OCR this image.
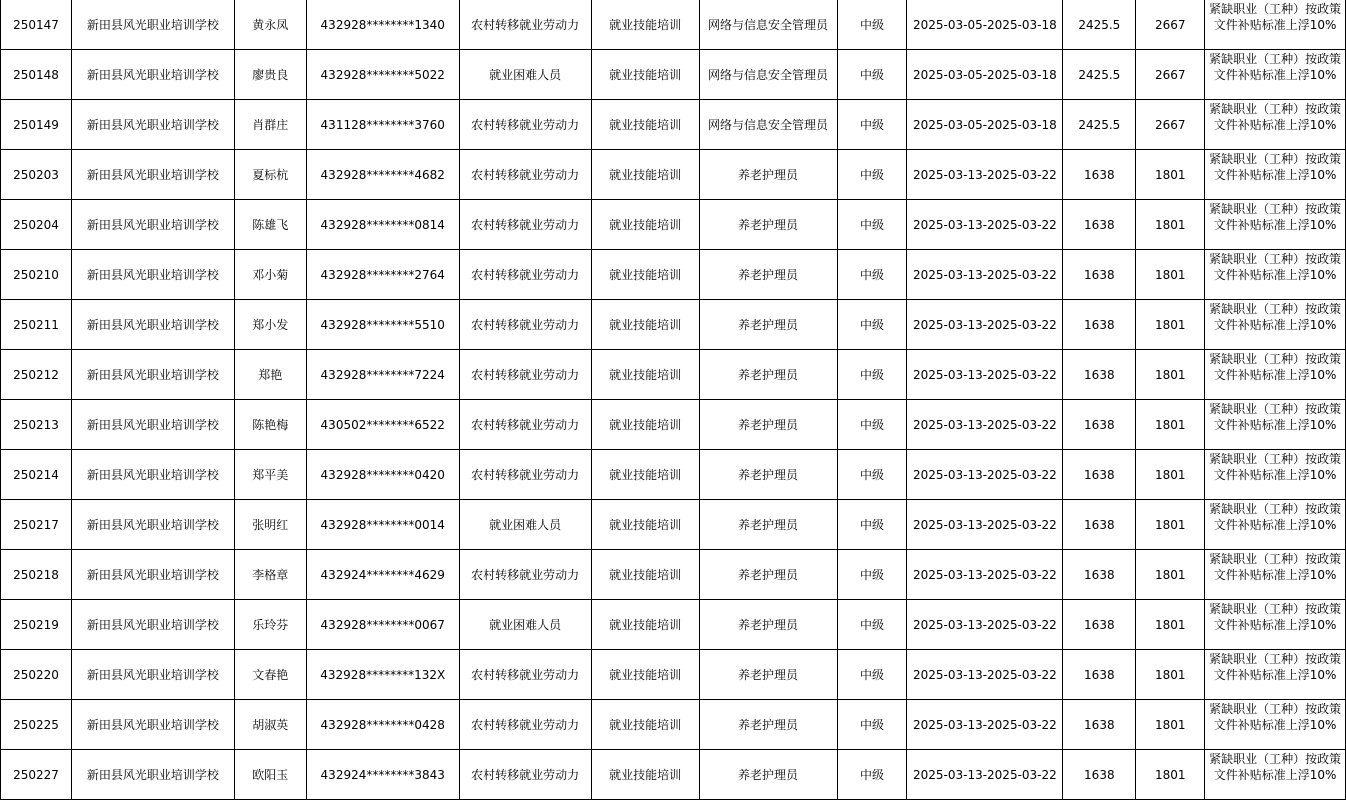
250147	新田县风光职业培训学校	黄永凤	432928********1340	农村转移就业劳动力	就业技能培训	网络与信息安全管理员	中级	2025-03-05-2025-03-18	2425.5	2667	紧缺职业（工种）按政策文件补贴标准上浮10%
250148	新田县风光职业培训学校	廖贵良	432928********5022	就业困难人员	就业技能培训	网络与信息安全管理员	中级	2025-03-05-2025-03-18	2425.5	2667	紧缺职业（工种）按政策文件补贴标准上浮10%
250149	新田县风光职业培训学校	肖群庄	431128********3760	农村转移就业劳动力	就业技能培训	网络与信息安全管理员	中级	2025-03-05-2025-03-18	2425.5	2667	紧缺职业（工种）按政策文件补贴标准上浮10%
250203	新田县风光职业培训学校	夏标杭	432928********4682	农村转移就业劳动力	就业技能培训	养老护理员	中级	2025-03-13-2025-03-22	1638	1801	紧缺职业（工种）按政策文件补贴标准上浮10%
250204	新田县风光职业培训学校	陈雄飞	432928********0814	农村转移就业劳动力	就业技能培训	养老护理员	中级	2025-03-13-2025-03-22	1638	1801	紧缺职业（工种）按政策文件补贴标准上浮10%
250210	新田县风光职业培训学校	邓小菊	432928********2764	农村转移就业劳动力	就业技能培训	养老护理员	中级	2025-03-13-2025-03-22	1638	1801	紧缺职业（工种）按政策文件补贴标准上浮10%
250211	新田县风光职业培训学校	郑小发	432928********5510	农村转移就业劳动力	就业技能培训	养老护理员	中级	2025-03-13-2025-03-22	1638	1801	紧缺职业（工种）按政策文件补贴标准上浮10%
250212	新田县风光职业培训学校	郑艳	432928********7224	农村转移就业劳动力	就业技能培训	养老护理员	中级	2025-03-13-2025-03-22	1638	1801	紧缺职业（工种）按政策文件补贴标准上浮10%
250213	新田县风光职业培训学校	陈艳梅	430502********6522	农村转移就业劳动力	就业技能培训	养老护理员	中级	2025-03-13-2025-03-22	1638	1801	紧缺职业（工种）按政策文件补贴标准上浮10%
250214	新田县风光职业培训学校	郑平美	432928********0420	农村转移就业劳动力	就业技能培训	养老护理员	中级	2025-03-13-2025-03-22	1638	1801	紧缺职业（工种）按政策文件补贴标准上浮10%
250217	新田县风光职业培训学校	张明红	432928********0014	就业困难人员	就业技能培训	养老护理员	中级	2025-03-13-2025-03-22	1638	1801	紧缺职业（工种）按政策文件补贴标准上浮10%
250218	新田县风光职业培训学校	李格章	432924********4629	农村转移就业劳动力	就业技能培训	养老护理员	中级	2025-03-13-2025-03-22	1638	1801	紧缺职业（工种）按政策文件补贴标准上浮10%
250219	新田县风光职业培训学校	乐玲芬	432928********0067	就业困难人员	就业技能培训	养老护理员	中级	2025-03-13-2025-03-22	1638	1801	紧缺职业（工种）按政策文件补贴标准上浮10%
250220	新田县风光职业培训学校	文春艳	432928********132X	农村转移就业劳动力	就业技能培训	养老护理员	中级	2025-03-13-2025-03-22	1638	1801	紧缺职业（工种）按政策文件补贴标准上浮10%
250225	新田县风光职业培训学校	胡淑英	432928********0428	农村转移就业劳动力	就业技能培训	养老护理员	中级	2025-03-13-2025-03-22	1638	1801	紧缺职业（工种）按政策文件补贴标准上浮10%
250227	新田县风光职业培训学校	欧阳玉	432924********3843	农村转移就业劳动力	就业技能培训	养老护理员	中级	2025-03-13-2025-03-22	1638	1801	紧缺职业（工种）按政策文件补贴标准上浮10%
